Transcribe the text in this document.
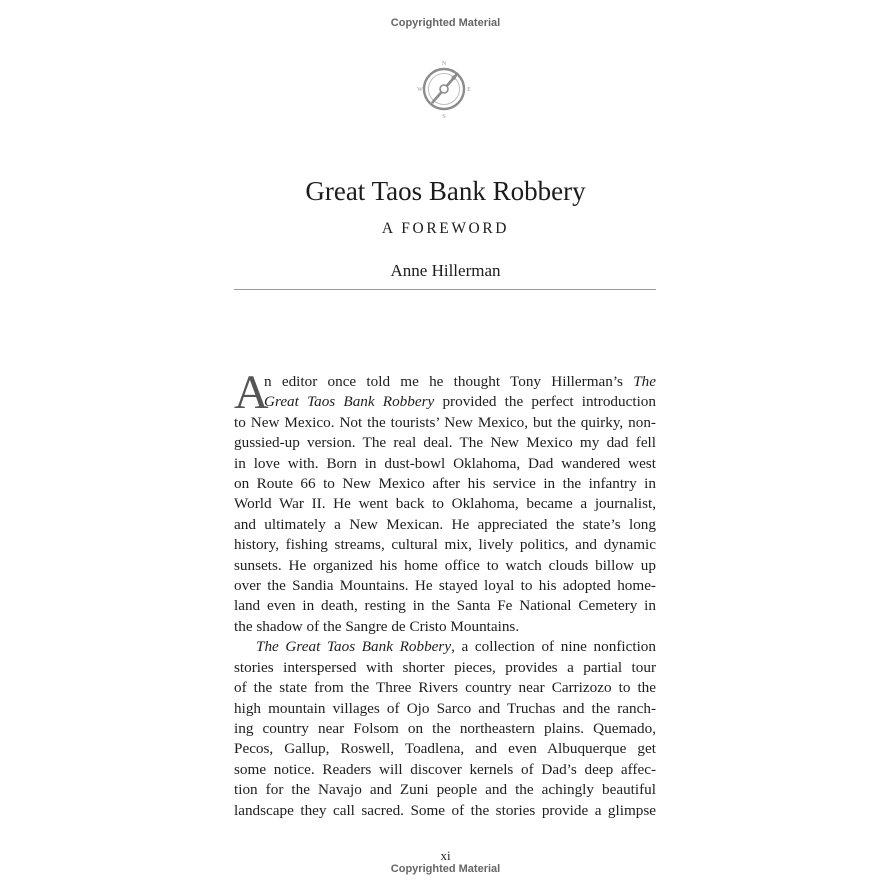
Copyrighted Material
N
E
S
W
Great Taos Bank Robbery
A FOREWORD
Anne Hillerman
A
n editor once told me he thought Tony Hillerman’s The
Great Taos Bank Robbery provided the perfect introduction
to New Mexico. Not the tourists’ New Mexico, but the quirky, non-
gussied-up version. The real deal. The New Mexico my dad fell
in love with. Born in dust-bowl Oklahoma, Dad wandered west
on Route 66 to New Mexico after his service in the infantry in
World War II. He went back to Oklahoma, became a journalist,
and ultimately a New Mexican. He appreciated the state’s long
history, fishing streams, cultural mix, lively politics, and dynamic
sunsets. He organized his home office to watch clouds billow up
over the Sandia Mountains. He stayed loyal to his adopted home-
land even in death, resting in the Santa Fe National Cemetery in
the shadow of the Sangre de Cristo Mountains.
The Great Taos Bank Robbery, a collection of nine nonfiction
stories interspersed with shorter pieces, provides a partial tour
of the state from the Three Rivers country near Carrizozo to the
high mountain villages of Ojo Sarco and Truchas and the ranch-
ing country near Folsom on the northeastern plains. Quemado,
Pecos, Gallup, Roswell, Toadlena, and even Albuquerque get
some notice. Readers will discover kernels of Dad’s deep affec-
tion for the Navajo and Zuni people and the achingly beautiful
landscape they call sacred. Some of the stories provide a glimpse
xi
Copyrighted Material
